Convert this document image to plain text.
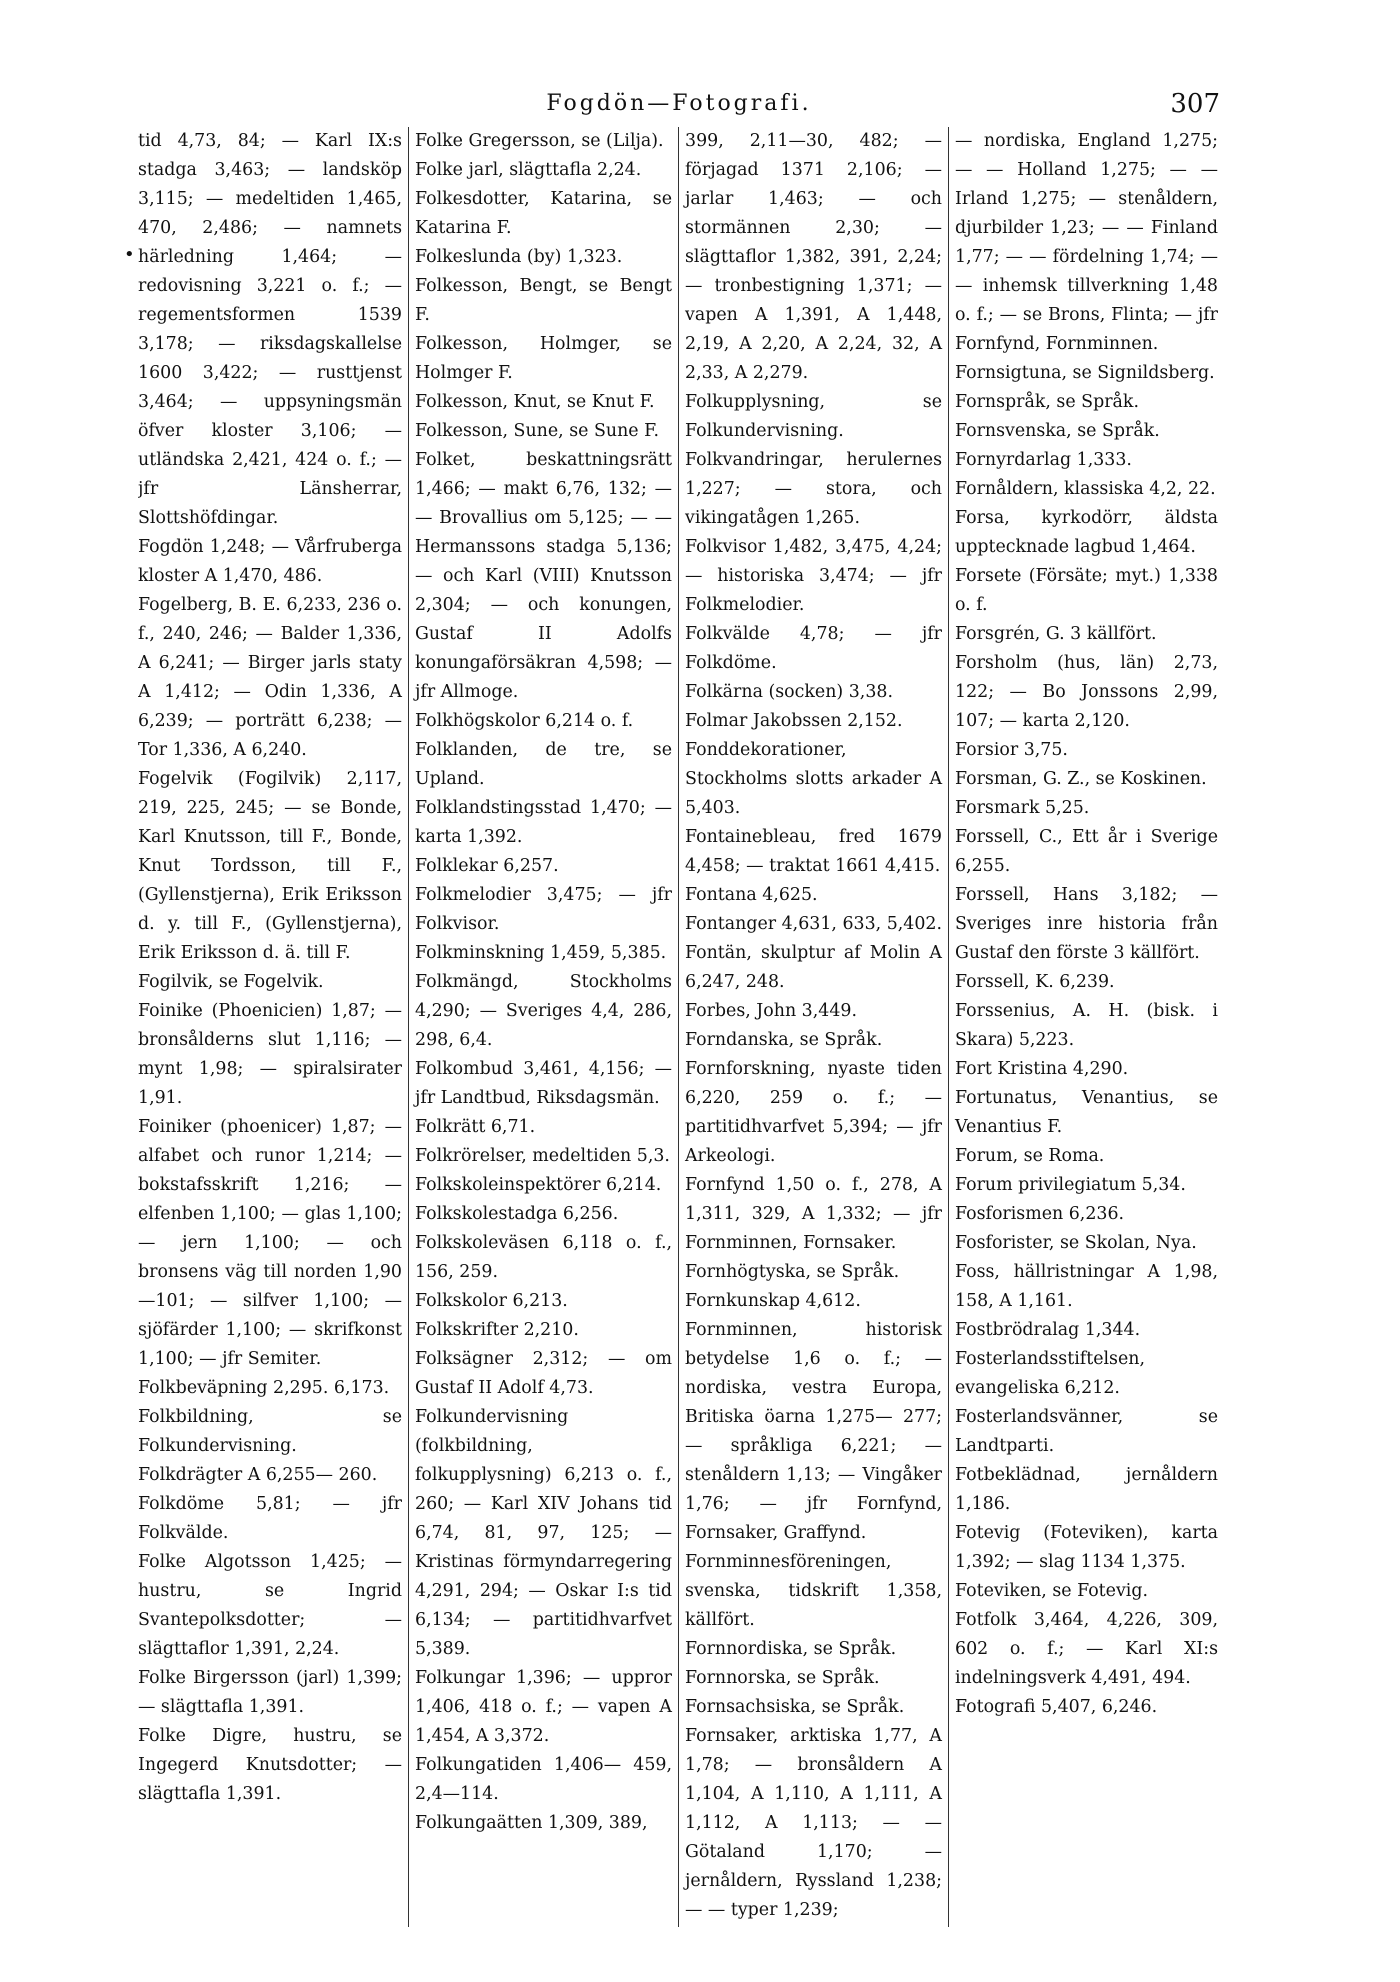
Fogdön—Fotografi.	307
•
tid 4,73, 84; — Karl IX:s stadga 3,463; — landsköp 3,115; — medeltiden 1,465, 470, 2,486; — namnets härledning 1,464; — redovisning 3,221 o. f.; — regementsformen 1539 3,178; — riksdagskallelse 1600 3,422; — rusttjenst 3,464; — uppsyningsmän öfver kloster 3,106; — utländska 2,421, 424 o. f.; — jfr Länsherrar, Slottshöfdingar.
Fogdön 1,248; — Vårfruberga kloster A 1,470, 486.
Fogelberg, B. E. 6,233, 236 o. f., 240, 246; — Balder 1,336, A 6,241; — Birger jarls staty A 1,412; — Odin 1,336, A 6,239; — porträtt 6,238; — Tor 1,336, A 6,240.
Fogelvik (Fogilvik) 2,117, 219, 225, 245; — se Bonde, Karl Knutsson, till F., Bonde, Knut Tordsson, till F., (Gyllenstjerna), Erik Eriksson d. y. till F., (Gyllenstjerna), Erik Eriksson d. ä. till F.
Fogilvik, se Fogelvik.
Foinike (Phoenicien) 1,87; — bronsålderns slut 1,116; — mynt 1,98; — spiralsirater 1,91.
Foiniker (phoenicer) 1,87; — alfabet och runor 1,214; — bokstafsskrift 1,216; — elfenben 1,100; — glas 1,100; — jern 1,100; — och bronsens väg till norden 1,90 —101; — silfver 1,100; — sjöfärder 1,100; — skrifkonst 1,100; — jfr Semiter.
Folkbeväpning 2,295. 6,173.
Folkbildning, se Folkundervisning.
Folkdrägter A 6,255— 260.
Folkdöme 5,81; — jfr Folkvälde.
Folke Algotsson 1,425; — hustru, se Ingrid Svantepolksdotter; — slägttaflor 1,391, 2,24.
Folke Birgersson (jarl) 1,399; — slägttafla 1,391.
Folke Digre, hustru, se Ingegerd Knutsdotter; — slägttafla 1,391.
Folke Gregersson, se (Lilja).
Folke jarl, slägttafla 2,24.
Folkesdotter, Katarina, se Katarina F.
Folkeslunda (by) 1,323.
Folkesson, Bengt, se Bengt F.
Folkesson, Holmger, se Holmger F.
Folkesson, Knut, se Knut F.
Folkesson, Sune, se Sune F.
Folket, beskattningsrätt 1,466; — makt 6,76, 132; — — Brovallius om 5,125; — — Hermanssons stadga 5,136; — och Karl (VIII) Knutsson 2,304; — och konungen, Gustaf II Adolfs konungaförsäkran 4,598; — jfr Allmoge.
Folkhögskolor 6,214 o. f.
Folklanden, de tre, se Upland.
Folklandstingsstad 1,470; — karta 1,392.
Folklekar 6,257.
Folkmelodier 3,475; — jfr Folkvisor.
Folkminskning 1,459, 5,385.
Folkmängd, Stockholms 4,290; — Sveriges 4,4, 286, 298, 6,4.
Folkombud 3,461, 4,156; — jfr Landtbud, Riksdagsmän.
Folkrätt 6,71.
Folkrörelser, medeltiden 5,3.
Folkskoleinspektörer 6,214.
Folkskolestadga 6,256.
Folkskoleväsen 6,118 o. f., 156, 259.
Folkskolor 6,213.
Folkskrifter 2,210.
Folksägner 2,312; — om Gustaf II Adolf 4,73.
Folkundervisning (folkbildning, folkupplysning) 6,213 o. f., 260; — Karl XIV Johans tid 6,74, 81, 97, 125; — Kristinas förmyndarregering 4,291, 294; — Oskar I:s tid 6,134; — partitidhvarfvet 5,389.
Folkungar 1,396; — uppror 1,406, 418 o. f.; — vapen A 1,454, A 3,372.
Folkungatiden 1,406— 459, 2,4—114.
Folkungaätten 1,309, 389,
399, 2,11—30, 482; — förjagad 1371 2,106; — jarlar 1,463; — och stormännen 2,30; — slägttaflor 1,382, 391, 2,24; — tronbestigning 1,371; — vapen A 1,391, A 1,448, 2,19, A 2,20, A 2,24, 32, A 2,33, A 2,279.
Folkupplysning, se Folkundervisning.
Folkvandringar, herulernes 1,227; — stora, och vikingatågen 1,265.
Folkvisor 1,482, 3,475, 4,24; — historiska 3,474; — jfr Folkmelodier.
Folkvälde 4,78; — jfr Folkdöme.
Folkärna (socken) 3,38.
Folmar Jakobssen 2,152.
Fonddekorationer, Stockholms slotts arkader A 5,403.
Fontainebleau, fred 1679 4,458; — traktat 1661 4,415.
Fontana 4,625.
Fontanger 4,631, 633, 5,402.
Fontän, skulptur af Molin A 6,247, 248.
Forbes, John 3,449.
Forndanska, se Språk.
Fornforskning, nyaste tiden 6,220, 259 o. f.; — partitidhvarfvet 5,394; — jfr Arkeologi.
Fornfynd 1,50 o. f., 278, A 1,311, 329, A 1,332; — jfr Fornminnen, Fornsaker.
Fornhögtyska, se Språk.
Fornkunskap 4,612.
Fornminnen, historisk betydelse 1,6 o. f.; — nordiska, vestra Europa, Britiska öarna 1,275— 277; — språkliga 6,221; — stenåldern 1,13; — Vingåker 1,76; — jfr Fornfynd, Fornsaker, Graffynd.
Fornminnesföreningen, svenska, tidskrift 1,358, källfört.
Fornnordiska, se Språk.
Fornnorska, se Språk.
Fornsachsiska, se Språk.
Fornsaker, arktiska 1,77, A 1,78; — bronsåldern A 1,104, A 1,110, A 1,111, A 1,112, A 1,113; — — Götaland 1,170; — jernåldern, Ryssland 1,238; — — typer 1,239;
— nordiska, England 1,275; — — Holland 1,275; — — Irland 1,275; — stenåldern, djurbilder 1,23; — — Finland 1,77; — — fördelning 1,74; — — inhemsk tillverkning 1,48 o. f.; — se Brons, Flinta; — jfr Fornfynd, Fornminnen.
Fornsigtuna, se Signildsberg.
Fornspråk, se Språk.
Fornsvenska, se Språk.
Fornyrdarlag 1,333.
Fornåldern, klassiska 4,2, 22.
Forsa, kyrkodörr, äldsta upptecknade lagbud 1,464.
Forsete (Försäte; myt.) 1,338 o. f.
Forsgrén, G. 3 källfört.
Forsholm (hus, län) 2,73, 122; — Bo Jonssons 2,99, 107; — karta 2,120.
Forsior 3,75.
Forsman, G. Z., se Koskinen.
Forsmark 5,25.
Forssell, C., Ett år i Sverige 6,255.
Forssell, Hans 3,182; — Sveriges inre historia från Gustaf den förste 3 källfört.
Forssell, K. 6,239.
Forssenius, A. H. (bisk. i Skara) 5,223.
Fort Kristina 4,290.
Fortunatus, Venantius, se Venantius F.
Forum, se Roma.
Forum privilegiatum 5,34.
Fosforismen 6,236.
Fosforister, se Skolan, Nya.
Foss, hällristningar A 1,98, 158, A 1,161.
Fostbrödralag 1,344.
Fosterlandsstiftelsen, evangeliska 6,212.
Fosterlandsvänner, se Landtparti.
Fotbeklädnad, jernåldern 1,186.
Fotevig (Foteviken), karta 1,392; — slag 1134 1,375.
Foteviken, se Fotevig.
Fotfolk 3,464, 4,226, 309, 602 o. f.; — Karl XI:s indelningsverk 4,491, 494.
Fotografi 5,407, 6,246.
